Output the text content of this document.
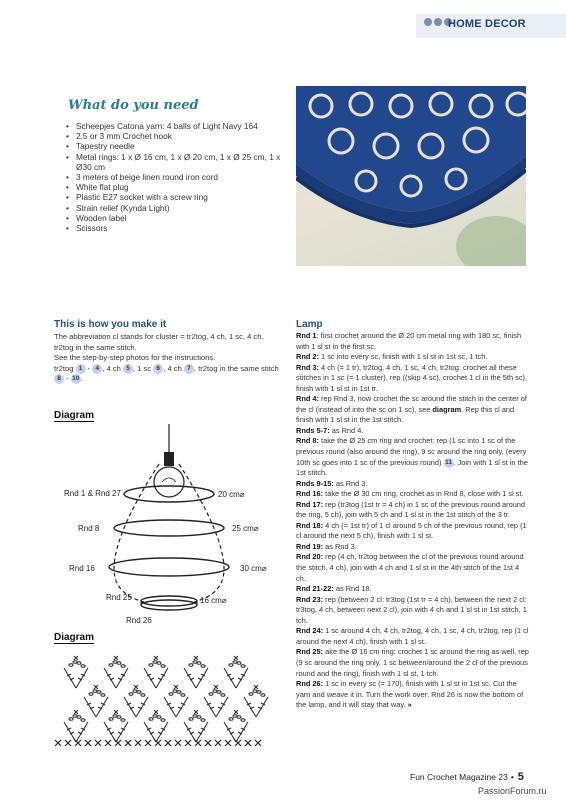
HOME DECOR
What do you need
• Scheepjes Catona yarn: 4 balls of Light Navy 164
• 2.5 or 3 mm Crochet hook
• Tapestry needle
• Metal rings: 1 x Ø 16 cm, 1 x Ø 20 cm, 1 x Ø 25 cm, 1 x Ø30 cm
• 3 meters of beige linen round iron cord
• White flat plug
• Plastic E27 socket with a screw ring
• Strain relief (Kynda Light)
• Wooden label
• Scissors
This is how you make it
The abbreviation cl stands for cluster = tr2tog, 4 ch, 1 sc, 4 ch, tr2tog in the same stitch.
See the step-by-step photos for the instructions.
tr2tog 1 - 4 , 4 ch 5 , 1 sc 6 , 4 ch 7 , tr2tog in the same stitch 8 - 10.
Diagram
Rnd 1 & Rnd 27	20 cm⌀
Rnd 8	25 cm⌀
Rnd 16	30 cm⌀
Rnd 25	16 cm⌀
Rnd 26
Diagram
Lamp

Rnd 1: first crochet around the Ø 20 cm metal ring with 180 sc, finish with 1 sl st in the first sc.

Rnd 2: 1 sc into every sc, finish with 1 sl st in 1st sc, 1 tch.

Rnd 3: 4 ch (= 1 tr), tr2tog, 4 ch, 1 sc, 4 ch, tr2tog: crochet all these stitches in 1 sc (= 1 cluster), rep ((skip 4 sc), crochet 1 cl in the 5th sc), finish with 1 sl st in 1st tr.

Rnd 4: rep Rnd 3, now crochet the sc around the stitch in the center of the cl (instead of into the sc on 1 sc), see diagram. Rep this cl and finish with 1 sl st in the 1st stitch.

Rnds 5-7: as Rnd 4.

Rnd 8: take the Ø 25 cm ring and crochet: rep (1 sc into 1 sc of the previous round (also around the ring), 9 sc around the ring only, (every 10th sc goes into 1 sc of the previous round) 11 . Join with 1 sl st in the 1st stitch.

Rnds 9-15: as Rnd 3.

Rnd 16: take the Ø 30 cm ring, crochet as in Rnd 8, close with 1 sl st.

Rnd 17: rep (tr3tog (1st tr = 4 ch) in 1 sc of the previous round around the ring, 5 ch), join with 5 ch and 1 sl st in the 1st stitch of the 3 tr.

Rnd 18: 4 ch (= 1st tr) of 1 cl around 5 ch of the previous round, rep (1 cl around the next 5 ch), finish with 1 sl st.

Rnd 19: as Rnd 3.

Rnd 20: rep (4 ch, tr2tog between the cl of the previous round around the stitch, 4 ch), join with 4 ch and 1 sl st in the 4th stitch of the 1st 4 ch.

Rnd 21-22: as Rnd 18.

Rnd 23: rep (between 2 cl: tr3tog (1st tr = 4 ch), between the next 2 cl: tr3tog, 4 ch, between next 2 cl), join with 4 ch and 1 sl st in 1st stitch, 1 tch.

Rnd 24: 1 sc around 4 ch, 4 ch, tr2tog, 4 ch, 1 sc, 4 ch, tr2tog, rep (1 cl around the next 4 ch), finish with 1 sl st.

Rnd 25: ake the Ø 16 cm ring: crochet 1 sc around the ring as well, rep (9 sc around the ring only, 1 sc between/around the 2 cl of the previous round and the ring), finish with 1 sl st, 1 tch.

Rnd 26: 1 sc in every sc (= 170), finish with 1 sl st in 1st sc. Cut the yarn and weave it in. Turn the work over: Rnd 26 is now the bottom of the lamp, and it will stay that way. »

Fun Crochet Magazine 23 • 5
PassionForum.ru
